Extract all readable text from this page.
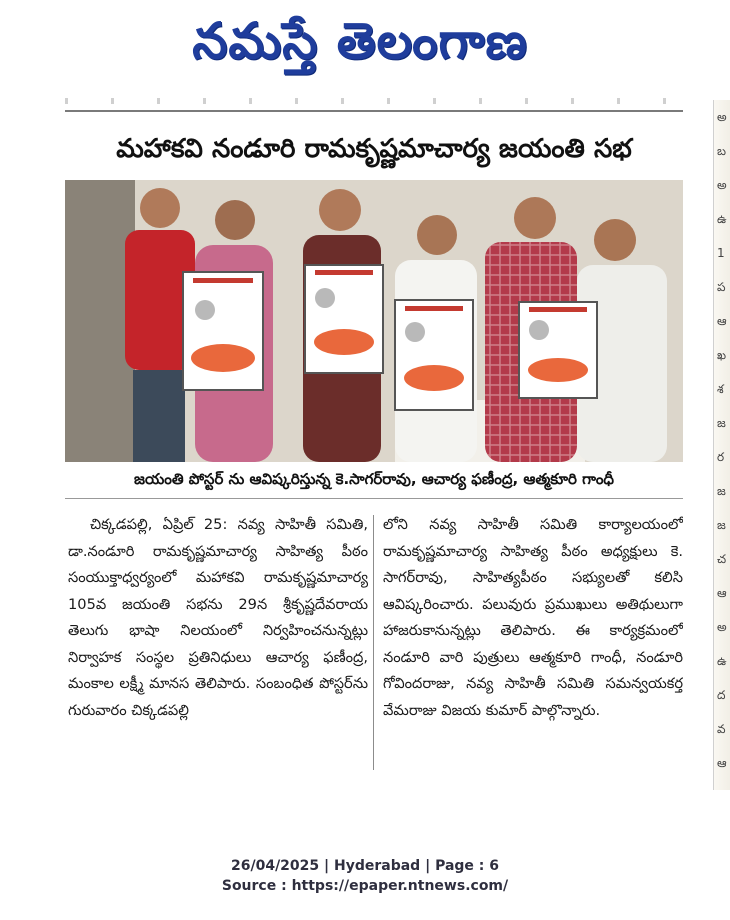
నమస్తే తెలంగాణ
మహాకవి నండూరి రామకృష్ణమాచార్య జయంతి సభ
జయంతి పోస్టర్ ను ఆవిష్కరిస్తున్న కె.సాగర్‌రావు, ఆచార్య ఫణీంద్ర, ఆత్మకూరి గాంధీ
చిక్కడపల్లి, ఏప్రిల్ 25: నవ్య సాహితీ సమితి, డా.నండూరి రామకృష్ణమాచార్య సాహిత్య పీఠం సంయుక్తాధ్వర్యంలో మహాకవి రామకృష్ణమాచార్య 105వ జయంతి సభను 29న శ్రీకృష్ణదేవరాయ తెలుగు భాషా నిలయంలో నిర్వహించనున్నట్లు నిర్వాహక సంస్థల ప్రతినిధులు ఆచార్య ఫణీంద్ర, మంకాల లక్ష్మీ మానస తెలిపారు. సంబంధిత పోస్టర్‌ను గురువారం చిక్కడపల్లి
లోని నవ్య సాహితీ సమితి కార్యాలయంలో రామకృష్ణమాచార్య సాహిత్య పీఠం అధ్యక్షులు కె. సాగర్‌రావు, సాహిత్యపీఠం సభ్యులతో కలిసి ఆవిష్కరించారు. పలువురు ప్రముఖులు అతిథులుగా హాజరుకానున్నట్లు తెలిపారు. ఈ కార్యక్రమంలో నండూరి వారి పుత్రులు ఆత్మకూరి గాంధీ, నండూరి గోవిందరాజు, నవ్య సాహితీ సమితి సమన్వయకర్త వేమరాజు విజయ కుమార్ పాల్గొన్నారు.
అ
బ
అ
ఉ
1
ప
ఆ
ఖ
శ
జ
ర
జ
జ
చ
ఆ
అ
ఉ
ద
వ
ఆ
26/04/2025 | Hyderabad | Page : 6
Source : https://epaper.ntnews.com/
